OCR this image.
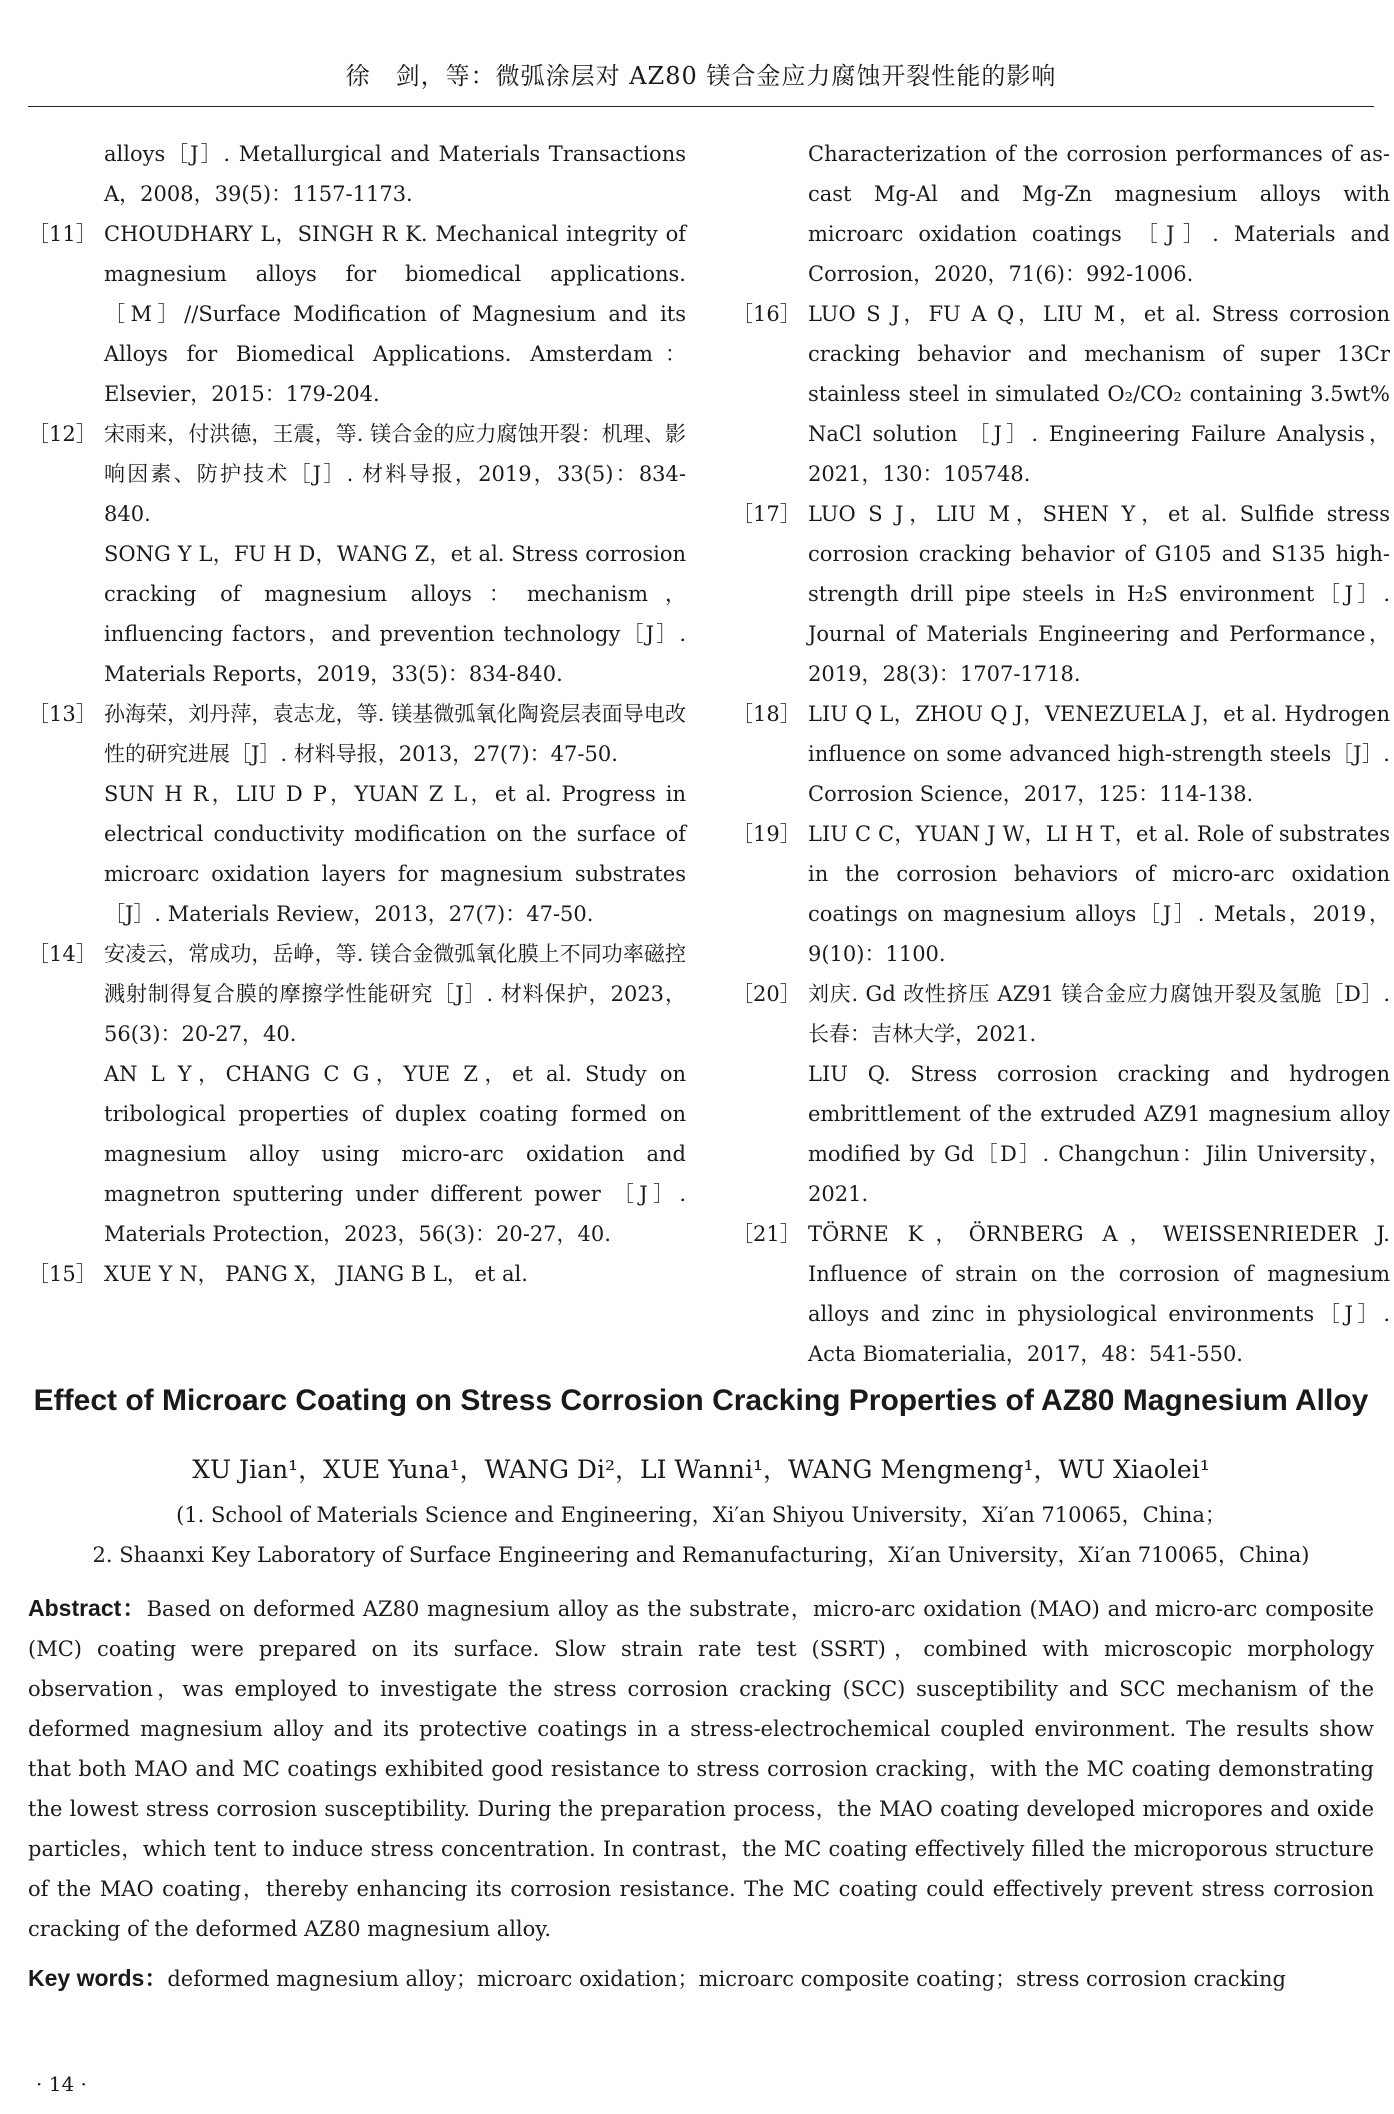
徐　剑，等：微弧涂层对 AZ80 镁合金应力腐蚀开裂性能的影响

alloys［J］. Metallurgical and Materials Transactions A，2008，39(5)：1157-1173.

［11］ CHOUDHARY L，SINGH R K. Mechanical integrity of magnesium alloys for biomedical applications. ［M］//Surface Modification of Magnesium and its Alloys for Biomedical Applications. Amsterdam：Elsevier，2015：179-204.

［12］ 宋雨来，付洪德，王震，等. 镁合金的应力腐蚀开裂：机理、影响因素、防护技术［J］. 材料导报，2019，33(5)：834-840.

SONG Y L，FU H D，WANG Z，et al. Stress corrosion cracking of magnesium alloys：mechanism，influencing factors，and prevention technology［J］. Materials Reports，2019，33(5)：834-840.

［13］ 孙海荣，刘丹萍，袁志龙，等. 镁基微弧氧化陶瓷层表面导电改性的研究进展［J］. 材料导报，2013，27(7)：47-50.

SUN H R，LIU D P，YUAN Z L，et al. Progress in electrical conductivity modification on the surface of microarc oxidation layers for magnesium substrates ［J］. Materials Review，2013，27(7)：47-50.

［14］ 安凌云，常成功，岳峥，等. 镁合金微弧氧化膜上不同功率磁控溅射制得复合膜的摩擦学性能研究［J］. 材料保护，2023，56(3)：20-27，40.

AN L Y，CHANG C G，YUE Z，et al. Study on tribological properties of duplex coating formed on magnesium alloy using micro-arc oxidation and magnetron sputtering under different power ［J］. Materials Protection，2023，56(3)：20-27，40.

［15］ XUE Y N， PANG X， JIANG B L， et al.

Characterization of the corrosion performances of as-cast Mg-Al and Mg-Zn magnesium alloys with microarc oxidation coatings ［J］. Materials and Corrosion，2020，71(6)：992-1006.

［16］ LUO S J，FU A Q，LIU M，et al. Stress corrosion cracking behavior and mechanism of super 13Cr stainless steel in simulated O₂/CO₂ containing 3.5wt% NaCl solution ［J］. Engineering Failure Analysis，2021，130：105748.

［17］ LUO S J，LIU M，SHEN Y，et al. Sulfide stress corrosion cracking behavior of G105 and S135 high-strength drill pipe steels in H₂S environment［J］. Journal of Materials Engineering and Performance，2019，28(3)：1707-1718.

［18］ LIU Q L，ZHOU Q J，VENEZUELA J，et al. Hydrogen influence on some advanced high-strength steels［J］. Corrosion Science，2017，125：114-138.

［19］ LIU C C，YUAN J W，LI H T，et al. Role of substrates in the corrosion behaviors of micro-arc oxidation coatings on magnesium alloys［J］. Metals，2019，9(10)：1100.

［20］ 刘庆. Gd 改性挤压 AZ91 镁合金应力腐蚀开裂及氢脆［D］. 长春：吉林大学，2021.

LIU Q. Stress corrosion cracking and hydrogen embrittlement of the extruded AZ91 magnesium alloy modified by Gd［D］. Changchun：Jilin University，2021.

［21］ TÖRNE K，ÖRNBERG A，WEISSENRIEDER J. Influence of strain on the corrosion of magnesium alloys and zinc in physiological environments［J］. Acta Biomaterialia，2017，48：541-550.

Effect of Microarc Coating on Stress Corrosion Cracking Properties of AZ80 Magnesium Alloy
XU Jian¹，XUE Yuna¹，WANG Di²，LI Wanni¹，WANG Mengmeng¹，WU Xiaolei¹
(1. School of Materials Science and Engineering，Xi′an Shiyou University，Xi′an 710065，China；
2. Shaanxi Key Laboratory of Surface Engineering and Remanufacturing，Xi′an University，Xi′an 710065，China)
Abstract：Based on deformed AZ80 magnesium alloy as the substrate，micro-arc oxidation (MAO) and micro-arc composite (MC) coating were prepared on its surface. Slow strain rate test (SSRT)，combined with microscopic morphology observation，was employed to investigate the stress corrosion cracking (SCC) susceptibility and SCC mechanism of the deformed magnesium alloy and its protective coatings in a stress-electrochemical coupled environment. The results show that both MAO and MC coatings exhibited good resistance to stress corrosion cracking，with the MC coating demonstrating the lowest stress corrosion susceptibility. During the preparation process，the MAO coating developed micropores and oxide particles，which tent to induce stress concentration. In contrast，the MC coating effectively filled the microporous structure of the MAO coating，thereby enhancing its corrosion resistance. The MC coating could effectively prevent stress corrosion cracking of the deformed AZ80 magnesium alloy.
Key words：deformed magnesium alloy；microarc oxidation；microarc composite coating；stress corrosion cracking
· 14 ·
